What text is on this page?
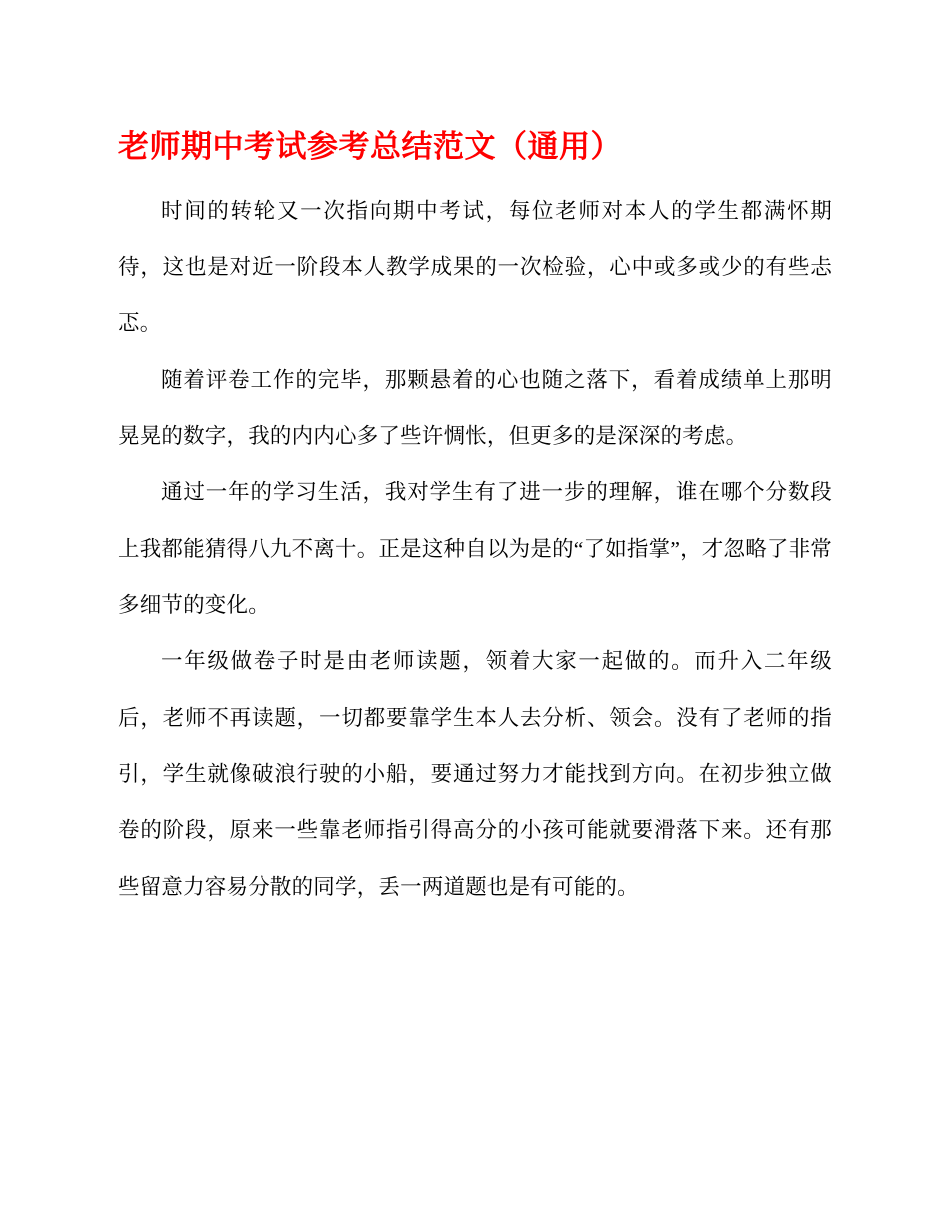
老师期中考试参考总结范文（通用）

时间的转轮又一次指向期中考试，每位老师对本人的学生都满怀期待，这也是对近一阶段本人教学成果的一次检验，心中或多或少的有些忐忑。

随着评卷工作的完毕，那颗悬着的心也随之落下，看着成绩单上那明晃晃的数字，我的内内心多了些许惆怅，但更多的是深深的考虑。

通过一年的学习生活，我对学生有了进一步的理解，谁在哪个分数段上我都能猜得八九不离十。正是这种自以为是的“了如指掌”，才忽略了非常多细节的变化。

一年级做卷子时是由老师读题，领着大家一起做的。而升入二年级后，老师不再读题，一切都要靠学生本人去分析、领会。没有了老师的指引，学生就像破浪行驶的小船，要通过努力才能找到方向。在初步独立做卷的阶段，原来一些靠老师指引得高分的小孩可能就要滑落下来。还有那些留意力容易分散的同学，丢一两道题也是有可能的。
